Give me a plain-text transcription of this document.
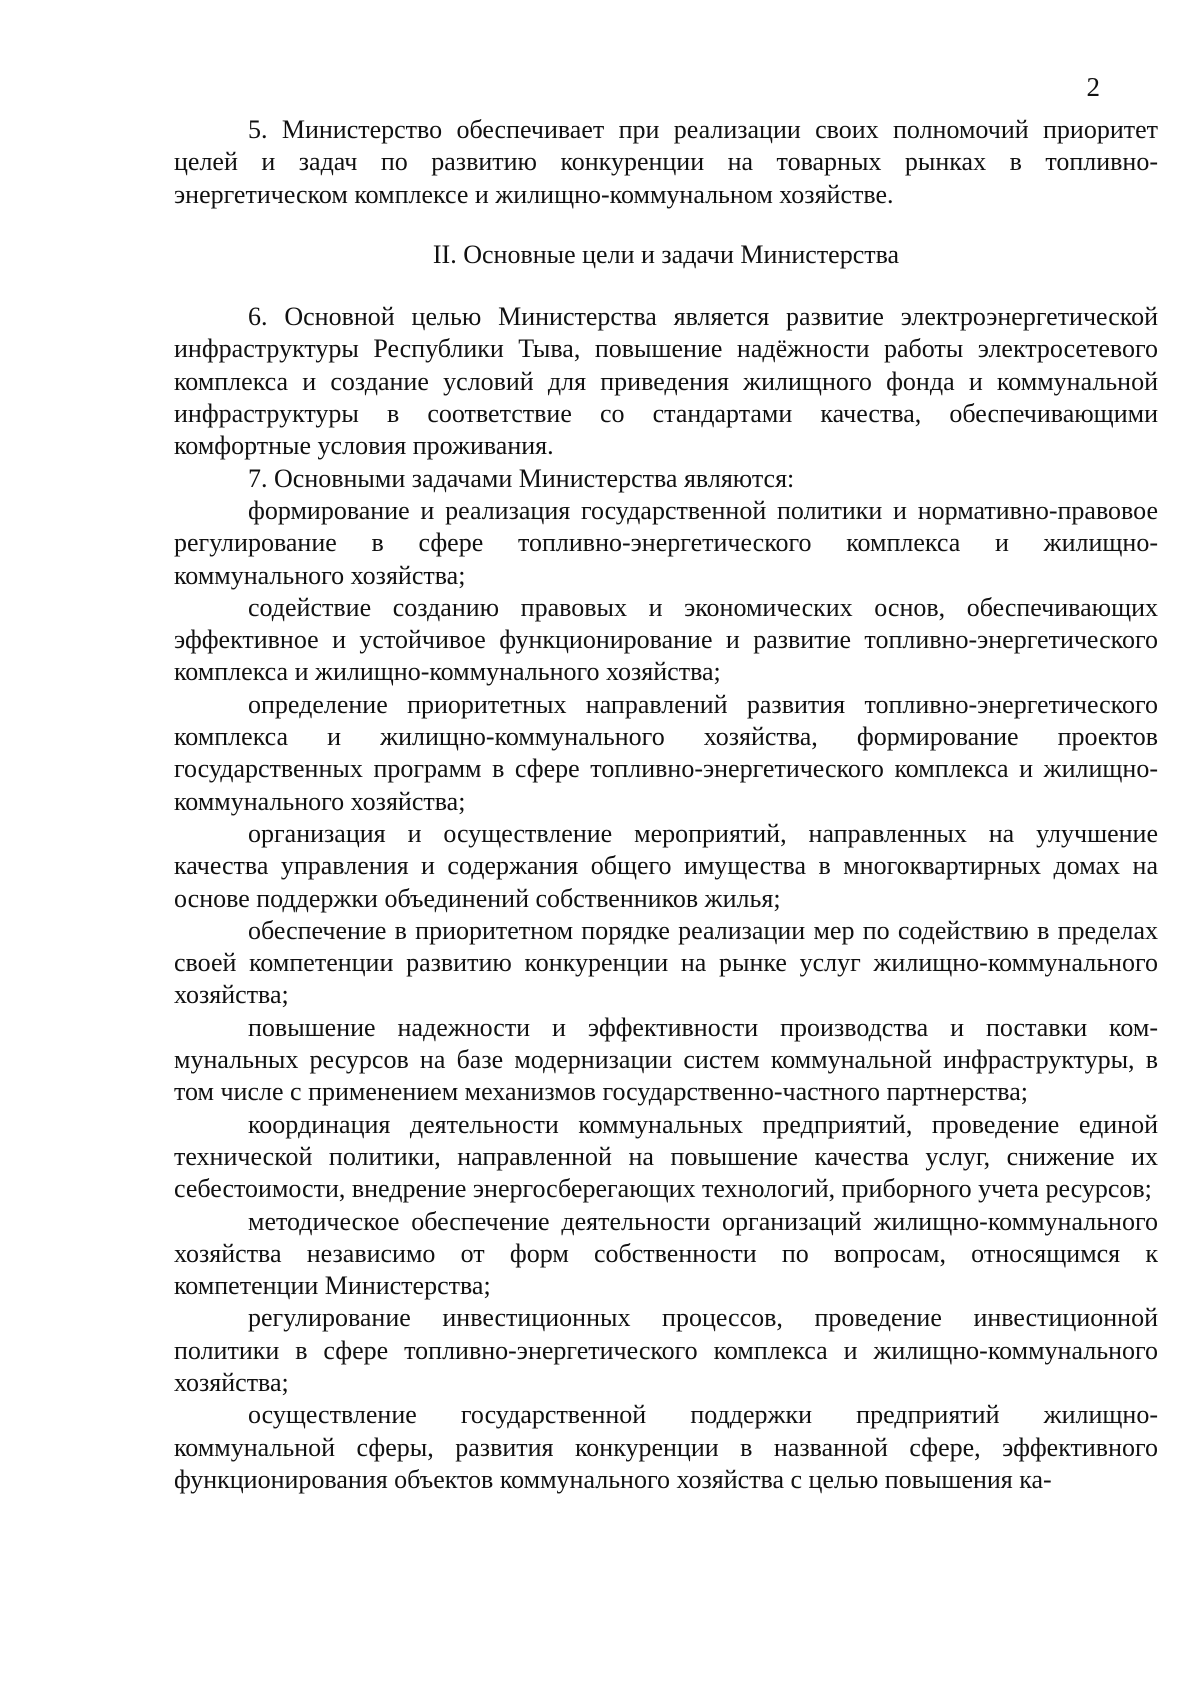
2

5. Министерство обеспечивает при реализации своих полномочий приоритет целей и задач по развитию конкуренции на товарных рынках в топливно-энергетическом комплексе и жилищно-коммунальном хозяйстве.

II. Основные цели и задачи Министерства

6. Основной целью Министерства является развитие электроэнергетической инфраструктуры Республики Тыва, повышение надёжности работы электросетевого комплекса и создание условий для приведения жилищного фонда и коммунальной инфраструктуры в соответствие со стандартами качества, обеспечивающими комфортные условия проживания.

7. Основными задачами Министерства являются:

формирование и реализация государственной политики и нормативно-правовое регулирование в сфере топливно-энергетического комплекса и жилищно-коммунального хозяйства;

содействие созданию правовых и экономических основ, обеспечивающих эффективное и устойчивое функционирование и развитие топливно-энергетического комплекса и жилищно-коммунального хозяйства;

определение приоритетных направлений развития топливно-энергетического комплекса и жилищно-коммунального хозяйства, формирование проектов государственных программ в сфере топливно-энергетического комплекса и жилищно-коммунального хозяйства;

организация и осуществление мероприятий, направленных на улучшение качества управления и содержания общего имущества в многоквартирных домах на основе поддержки объединений собственников жилья;

обеспечение в приоритетном порядке реализации мер по содействию в пределах своей компетенции развитию конкуренции на рынке услуг жилищно-коммунального хозяйства;

повышение надежности и эффективности производства и поставки коммунальных ресурсов на базе модернизации систем коммунальной инфраструктуры, в том числе с применением механизмов государственно-частного партнерства;

координация деятельности коммунальных предприятий, проведение единой технической политики, направленной на повышение качества услуг, снижение их себестоимости, внедрение энергосберегающих технологий, приборного учета ресурсов;

методическое обеспечение деятельности организаций жилищно-коммунального хозяйства независимо от форм собственности по вопросам, относящимся к компетенции Министерства;

регулирование инвестиционных процессов, проведение инвестиционной политики в сфере топливно-энергетического комплекса и жилищно-коммунального хозяйства;

осуществление государственной поддержки предприятий жилищно-коммунальной сферы, развития конкуренции в названной сфере, эффективного функционирования объектов коммунального хозяйства с целью повышения ка-
